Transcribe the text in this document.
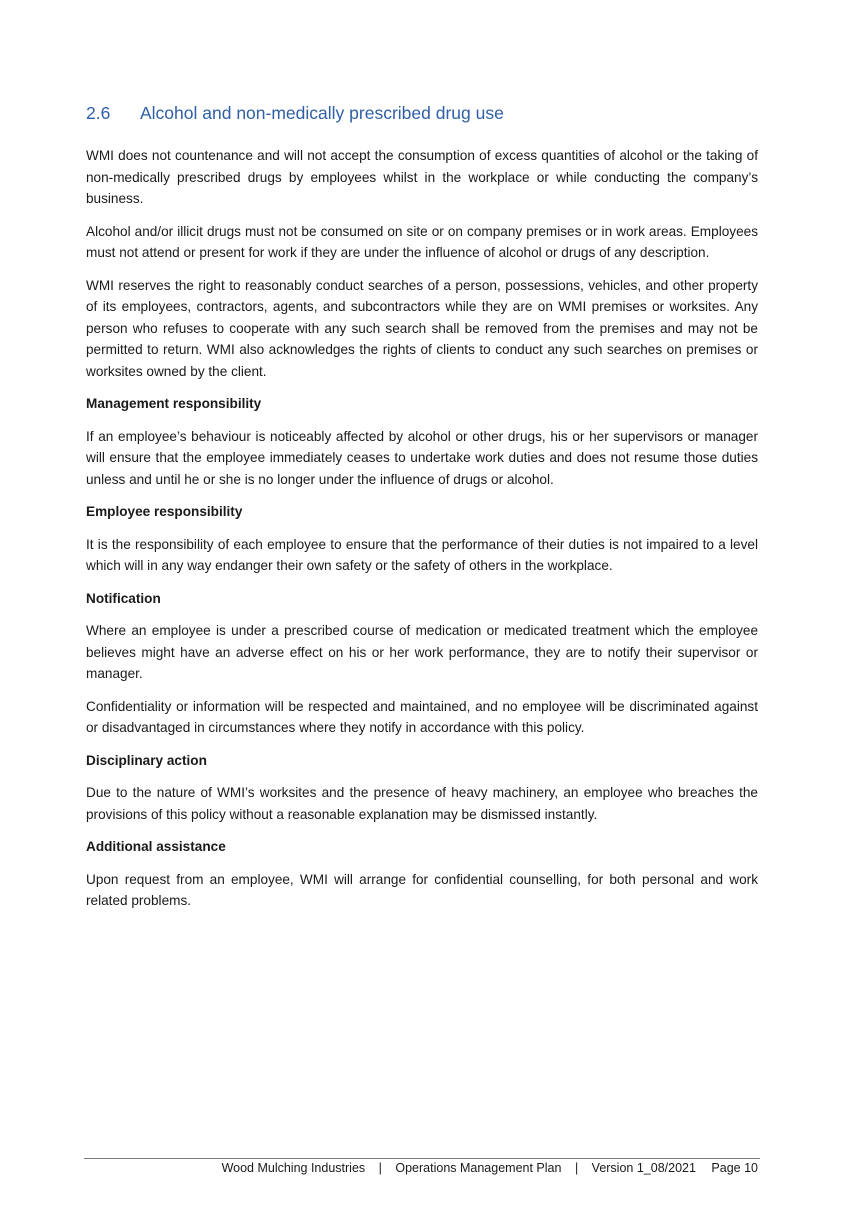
2.6 Alcohol and non-medically prescribed drug use

WMI does not countenance and will not accept the consumption of excess quantities of alcohol or the taking of non-medically prescribed drugs by employees whilst in the workplace or while conducting the company’s business.

Alcohol and/or illicit drugs must not be consumed on site or on company premises or in work areas. Employees must not attend or present for work if they are under the influence of alcohol or drugs of any description.

WMI reserves the right to reasonably conduct searches of a person, possessions, vehicles, and other property of its employees, contractors, agents, and subcontractors while they are on WMI premises or worksites. Any person who refuses to cooperate with any such search shall be removed from the premises and may not be permitted to return. WMI also acknowledges the rights of clients to conduct any such searches on premises or worksites owned by the client.

Management responsibility

If an employee’s behaviour is noticeably affected by alcohol or other drugs, his or her supervisors or manager will ensure that the employee immediately ceases to undertake work duties and does not resume those duties unless and until he or she is no longer under the influence of drugs or alcohol.

Employee responsibility

It is the responsibility of each employee to ensure that the performance of their duties is not impaired to a level which will in any way endanger their own safety or the safety of others in the workplace.

Notification

Where an employee is under a prescribed course of medication or medicated treatment which the employee believes might have an adverse effect on his or her work performance, they are to notify their supervisor or manager.

Confidentiality or information will be respected and maintained, and no employee will be discriminated against or disadvantaged in circumstances where they notify in accordance with this policy.

Disciplinary action

Due to the nature of WMI’s worksites and the presence of heavy machinery, an employee who breaches the provisions of this policy without a reasonable explanation may be dismissed instantly.

Additional assistance

Upon request from an employee, WMI will arrange for confidential counselling, for both personal and work related problems.

Wood Mulching Industries | Operations Management Plan | Version 1_08/2021 Page 10
